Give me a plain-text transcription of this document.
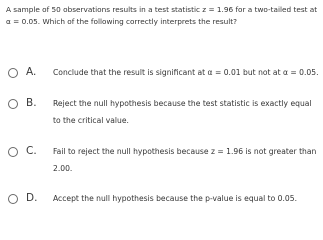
A sample of 50 observations results in a test statistic z = 1.96 for a two-tailed test at α = 0.05. Which of the following correctly interprets the result?
A.	Conclude that the result is significant at α = 0.01 but not at α = 0.05.
B.	Reject the null hypothesis because the test statistic is exactly equal to the critical value.
C.	Fail to reject the null hypothesis because z = 1.96 is not greater than 2.00.
D.	Accept the null hypothesis because the p-value is equal to 0.05.
